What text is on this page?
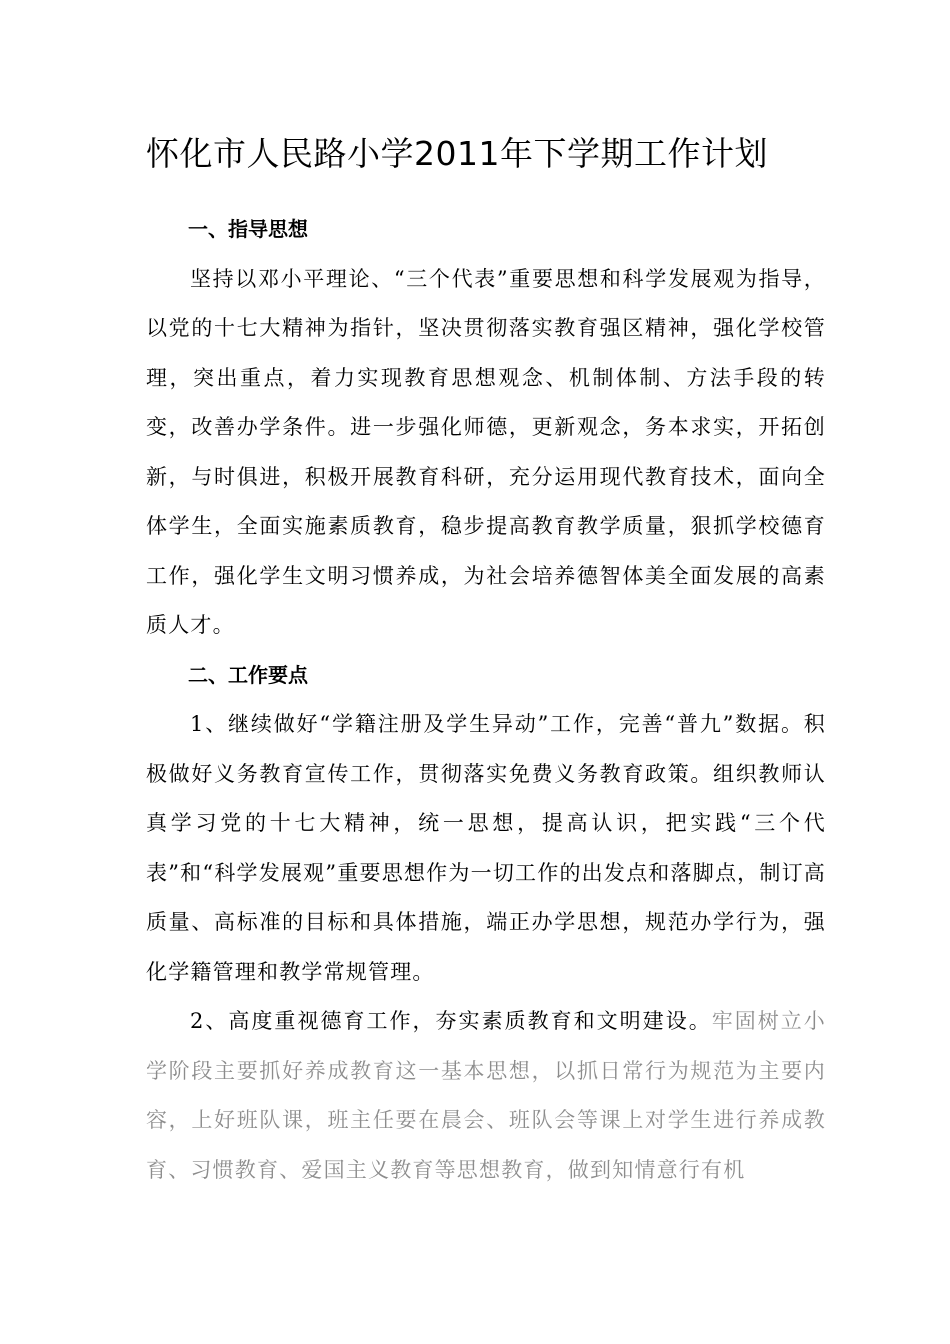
怀化市人民路小学2011年下学期工作计划
一、指导思想

坚持以邓小平理论、“三个代表”重要思想和科学发展观为指导，以党的十七大精神为指针，坚决贯彻落实教育强区精神，强化学校管理，突出重点，着力实现教育思想观念、机制体制、方法手段的转变，改善办学条件。进一步强化师德，更新观念，务本求实，开拓创新，与时俱进，积极开展教育科研，充分运用现代教育技术，面向全体学生，全面实施素质教育，稳步提高教育教学质量，狠抓学校德育工作，强化学生文明习惯养成，为社会培养德智体美全面发展的高素质人才。

二、工作要点

1、继续做好“学籍注册及学生异动”工作，完善“普九”数据。积极做好义务教育宣传工作，贯彻落实免费义务教育政策。组织教师认真学习党的十七大精神，统一思想，提高认识，把实践“三个代表”和“科学发展观”重要思想作为一切工作的出发点和落脚点，制订高质量、高标准的目标和具体措施，端正办学思想，规范办学行为，强化学籍管理和教学常规管理。

2、高度重视德育工作，夯实素质教育和文明建设。牢固树立小学阶段主要抓好养成教育这一基本思想，以抓日常行为规范为主要内容，上好班队课，班主任要在晨会、班队会等课上对学生进行养成教育、习惯教育、爱国主义教育等思想教育，做到知情意行有机
